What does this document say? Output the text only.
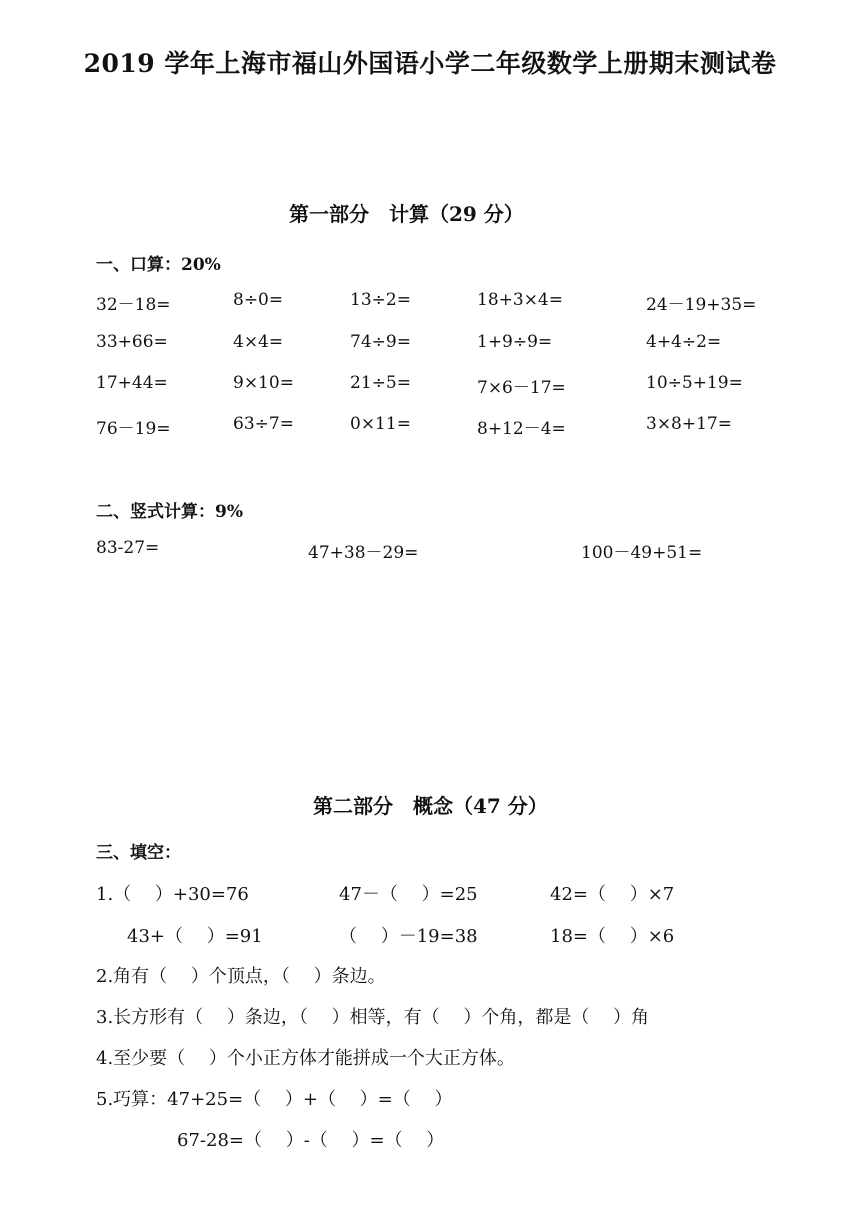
2019 学年上海市福山外国语小学二年级数学上册期末测试卷
第一部分　计算（29 分）
一、口算：20%
32－18=	8÷0=	13÷2=	18+3×4=	24－19+35=
33+66=	4×4=	74÷9=	1+9÷9=	4+4÷2=
17+44=	9×10=	21÷5=	7×6－17=	10÷5+19=
76－19=	63÷7=	0×11=	8+12－4=	3×8+17=
二、竖式计算：9%
83-27=	47+38－29=	100－49+51=
第二部分　概念（47 分）
三、填空：
1.（　 ）+30=76	47－（　 ）=25	42=（　 ）×7
43+（　 ）=91	（　 ）－19=38	18=（　 ）×6
2.角有（　 ）个顶点，（　 ）条边。
3.长方形有（　 ）条边，（　 ）相等，有（　 ）个角，都是（　 ）角
4.至少要（　 ）个小正方体才能拼成一个大正方体。
5.巧算：47+25=（　 ）+（　 ）=（　 ）
67-28=（　 ）-（　 ）=（　 ）
